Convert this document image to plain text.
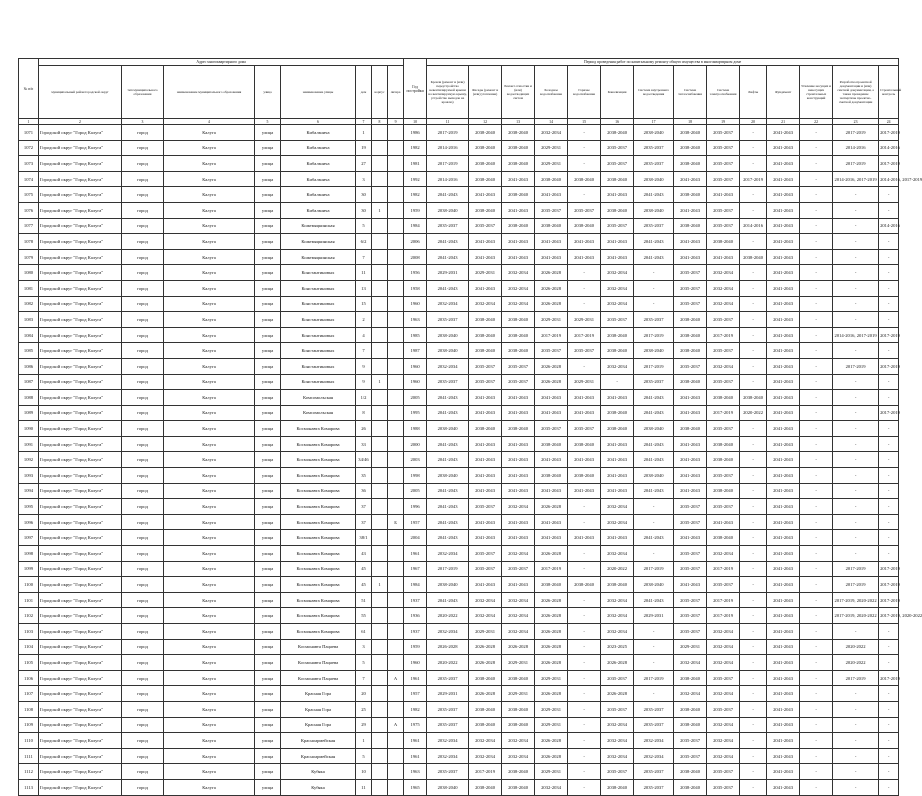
№ п/п	Адрес многоквартирного дома								Год постройки	Период проведения работ по капитальному ремонту общего имущества в многоквартирном доме													
	муниципальный район/городской округ	тип муниципального образования	наименование муниципального образования	улица	наименование улицы	дом	корпус	литера		Кровля (ремонт и (или) переустройство невентилируемой крыши на вентилируемую крышу, устройство выходов на кровлю)	Фасады (ремонт и (или) утепление)	Ремонт отмостки и (или) водоотводящих систем	Холодное водоснабжение	Горячее водоснабжение	Канализация	Система внутреннего водоотведения	Система теплоснабжения	Система электроснабжения	Лифты	Фундамент	Усиление несущих и ненесущих строительных конструкций	Разработка проектной документации и (или) сметной документации, а также проведение экспертизы проектно-сметной документации	Строительный контроль
1	2	3	4	5	6	7	8	9	10	11	12	13	14	15	16	17	18	19	20	21	22	23	24
1071	Городской округ "Город Калуга"	город	Калуга	улица	Кибальчича	1			1986	2017-2019	2038-2040	2038-2040	2032-2034	-	2038-2040	2038-2040	2038-2040	2035-2037	-	2041-2043	-	2017-2019	2017-2019
1072	Городской округ "Город Калуга"	город	Калуга	улица	Кибальчича	19			1982	2014-2016	2038-2040	2038-2040	2029-2031	-	2035-2037	2035-2037	2038-2040	2035-2037	-	2041-2043	-	2014-2016	2014-2016
1073	Городской округ "Город Калуга"	город	Калуга	улица	Кибальчича	27			1981	2017-2019	2038-2040	2038-2040	2029-2031	-	2035-2037	2035-2037	2038-2040	2035-2037	-	2041-2043	-	2017-2019	2017-2019
1074	Городской округ "Город Калуга"	город	Калуга	улица	Кибальчича	3			1992	2014-2016	2038-2040	2041-2043	2038-2040	2038-2040	2038-2040	2038-2040	2041-2043	2035-2037	2017-2019	2041-2043	-	2014-2016, 2017-2019	2014-2016, 2017-2019
1075	Городской округ "Город Калуга"	город	Калуга	улица	Кибальчича	30			1982	2041-2043	2041-2043	2038-2040	2041-2043	-	2041-2043	2041-2043	2038-2040	2041-2043	-	2041-2043	-	-	-
1076	Городской округ "Город Калуга"	город	Калуга	улица	Кибальчича	30	1		1959	2038-2040	2038-2040	2041-2043	2035-2037	2035-2037	2038-2040	2038-2040	2041-2043	2035-2037	-	2041-2043	-	-	-
1077	Городской округ "Город Калуга"	город	Калуга	улица	Кожемяцкинская	5			1984	2035-2037	2035-2037	2038-2040	2038-2040	2038-2040	2035-2037	2035-2037	2038-2040	2035-2037	2014-2016	2041-2043	-	-	2014-2016
1078	Городской округ "Город Калуга"	город	Калуга	улица	Кожемяцкинская	6/2			2006	2041-2043	2041-2043	2041-2043	2041-2043	2041-2043	2041-2043	2041-2043	2041-2043	2038-2040	-	2041-2043	-	-	-
1079	Городской округ "Город Калуга"	город	Калуга	улица	Кожемяцкинская	7			2008	2041-2043	2041-2043	2041-2043	2041-2043	2041-2043	2041-2043	2041-2043	2041-2043	2041-2043	2038-2040	2041-2043	-	-	-
1080	Городской округ "Город Калуга"	город	Калуга	улица	Константиновых	11			1956	2029-2031	2029-2031	2032-2034	2026-2028	-	2032-2034	-	2035-2037	2032-2034	-	2041-2043	-	-	-
1081	Городской округ "Город Калуга"	город	Калуга	улица	Константиновых	13			1958	2041-2043	2041-2043	2032-2034	2026-2028	-	2032-2034	-	2035-2037	2032-2034	-	2041-2043	-	-	-
1082	Городской округ "Город Калуга"	город	Калуга	улица	Константиновых	15			1960	2032-2034	2032-2034	2032-2034	2026-2028	-	2032-2034	-	2035-2037	2032-2034	-	2041-2043	-	-	-
1083	Городской округ "Город Калуга"	город	Калуга	улица	Константиновых	2			1963	2035-2037	2038-2040	2038-2040	2029-2031	2029-2031	2035-2037	2035-2037	2038-2040	2035-2037	-	2041-2043	-	-	-
1084	Городской округ "Город Калуга"	город	Калуга	улица	Константиновых	4			1985	2038-2040	2038-2040	2038-2040	2017-2019	2017-2019	2038-2040	2017-2019	2038-2040	2017-2019	-	2041-2043	-	2014-2016, 2017-2019	2017-2019
1085	Городской округ "Город Калуга"	город	Калуга	улица	Константиновых	7			1987	2038-2040	2038-2040	2038-2040	2035-2037	2035-2037	2038-2040	2038-2040	2038-2040	2035-2037	-	2041-2043	-	-	-
1086	Городской округ "Город Калуга"	город	Калуга	улица	Константиновых	9			1960	2032-2034	2035-2037	2035-2037	2026-2028	-	2032-2034	2017-2019	2035-2037	2032-2034	-	2041-2043	-	2017-2019	2017-2019
1087	Городской округ "Город Калуга"	город	Калуга	улица	Константиновых	9	1		1960	2035-2037	2035-2037	2035-2037	2026-2028	2029-2031	-	2035-2037	2038-2040	2035-2037	-	2041-2043	-	-	-
1088	Городской округ "Город Калуга"	город	Калуга	улица	Комсомольская	1/2			2005	2041-2043	2041-2043	2041-2043	2041-2043	2041-2043	2041-2043	2041-2043	2041-2043	2038-2040	2038-2040	2041-2043	-	-	-
1089	Городской округ "Город Калуга"	город	Калуга	улица	Комсомольская	8			1995	2041-2043	2041-2043	2041-2043	2041-2043	2041-2043	2038-2040	2041-2043	2041-2043	2017-2019	2020-2022	2041-2043	-	-	2017-2019
1090	Городской округ "Город Калуга"	город	Калуга	улица	Космонавта Комарова	26			1988	2038-2040	2038-2040	2038-2040	2035-2037	2035-2037	2038-2040	2038-2040	2038-2040	2035-2037	-	2041-2043	-	-	-
1091	Городской округ "Город Калуга"	город	Калуга	улица	Космонавта Комарова	33			2000	2041-2043	2041-2043	2041-2043	2038-2040	2038-2040	2041-2043	2041-2043	2041-2043	2038-2040	-	2041-2043	-	-	-
1092	Городской округ "Город Калуга"	город	Калуга	улица	Космонавта Комарова	34/46			2003	2041-2043	2041-2043	2041-2043	2041-2043	2041-2043	2041-2043	2041-2043	2041-2043	2038-2040	-	2041-2043	-	-	-
1093	Городской округ "Город Калуга"	город	Калуга	улица	Космонавта Комарова	35			1998	2038-2040	2041-2043	2041-2043	2038-2040	2038-2040	2041-2043	2038-2040	2041-2043	2035-2037	-	2041-2043	-	-	-
1094	Городской округ "Город Калуга"	город	Калуга	улица	Космонавта Комарова	36			2005	2041-2043	2041-2043	2041-2043	2041-2043	2041-2043	2041-2043	2041-2043	2041-2043	2038-2040	-	2041-2043	-	-	-
1095	Городской округ "Город Калуга"	город	Калуга	улица	Космонавта Комарова	37			1996	2041-2043	2035-2037	2032-2034	2026-2028	-	2032-2034	-	2035-2037	2035-2037	-	2041-2043	-	-	-
1096	Городской округ "Город Калуга"	город	Калуга	улица	Космонавта Комарова	37		Б	1957	2041-2043	2041-2043	2041-2043	2041-2043	-	2032-2034	-	2035-2037	2041-2043	-	2041-2043	-	-	-
1097	Городской округ "Город Калуга"	город	Калуга	улица	Космонавта Комарова	38/1			2004	2041-2043	2041-2043	2041-2043	2041-2043	2041-2043	2041-2043	2041-2043	2041-2043	2038-2040	-	2041-2043	-	-	-
1098	Городской округ "Город Калуга"	город	Калуга	улица	Космонавта Комарова	43			1961	2032-2034	2035-2037	2032-2034	2026-2028	-	2032-2034	-	2035-2037	2032-2034	-	2041-2043	-	-	-
1099	Городской округ "Город Калуга"	город	Калуга	улица	Космонавта Комарова	45			1967	2017-2019	2035-2037	2035-2037	2017-2019	-	2020-2022	2017-2019	2035-2037	2017-2019	-	2041-2043	-	2017-2019	2017-2019
1100	Городской округ "Город Калуга"	город	Калуга	улица	Космонавта Комарова	45	1		1984	2038-2040	2041-2043	2041-2043	2038-2040	2038-2040	2038-2040	2038-2040	2041-2043	2035-2037	-	2041-2043	-	2017-2019	2017-2019
1101	Городской округ "Город Калуга"	город	Калуга	улица	Космонавта Комарова	51			1937	2041-2043	2032-2034	2032-2034	2026-2028	-	2032-2034	2041-2043	2035-2037	2017-2019	-	2041-2043	-	2017-2019, 2020-2022	2017-2019
1102	Городской округ "Город Калуга"	город	Калуга	улица	Космонавта Комарова	55			1936	2020-2022	2032-2034	2032-2034	2026-2028	-	2032-2034	2029-2031	2035-2037	2017-2019	-	2041-2043	-	2017-2019, 2020-2022	2017-2019, 2020-2022
1103	Городской округ "Город Калуга"	город	Калуга	улица	Космонавта Комарова	61			1937	2032-2034	2029-2031	2032-2034	2026-2028	-	2032-2034	-	2035-2037	2032-2034	-	2041-2043	-	-	-
1104	Городской округ "Город Калуга"	город	Калуга	улица	Космонавта Пацаева	3			1959	2026-2028	2026-2028	2026-2028	2026-2028	-	2023-2025	-	2029-2031	2032-2034	-	2041-2043	-	2020-2022	-
1105	Городской округ "Город Калуга"	город	Калуга	улица	Космонавта Пацаева	5			1960	2020-2022	2026-2028	2029-2031	2026-2028	-	2026-2028	-	2032-2034	2032-2034	-	2041-2043	-	2020-2022	-
1106	Городской округ "Город Калуга"	город	Калуга	улица	Космонавта Пацаева	7		А	1961	2035-2037	2038-2040	2038-2040	2029-2031	-	2035-2037	2017-2019	2038-2040	2035-2037	-	2041-2043	-	2017-2019	2017-2019
1107	Городской округ "Город Калуга"	город	Калуга	улица	Красная Гора	20			1957	2029-2031	2026-2028	2029-2031	2026-2028	-	2026-2028	-	2032-2034	2032-2034	-	2041-2043	-	-	-
1108	Городской округ "Город Калуга"	город	Калуга	улица	Красная Гора	25			1982	2035-2037	2038-2040	2038-2040	2029-2031	-	2035-2037	2035-2037	2038-2040	2035-2037	-	2041-2043	-	-	-
1109	Городской округ "Город Калуга"	город	Калуга	улица	Красная Гора	29		А	1975	2035-2037	2038-2040	2038-2040	2029-2031	-	2032-2034	2035-2037	2038-2040	2032-2034	-	2041-2043	-	-	-
1110	Городской округ "Город Калуга"	город	Калуга	улица	Красноармейская	1			1961	2032-2034	2032-2034	2032-2034	2026-2028	-	2032-2034	2032-2034	2035-2037	2032-2034	-	2041-2043	-	-	-
1111	Городской округ "Город Калуга"	город	Калуга	улица	Красноармейская	5			1961	2032-2034	2032-2034	2032-2034	2026-2028	-	2032-2034	2032-2034	2035-2037	2032-2034	-	2041-2043	-	-	-
1112	Городской округ "Город Калуга"	город	Калуга	улица	Кубяка	10			1963	2035-2037	2017-2019	2038-2040	2029-2031	-	2035-2037	2035-2037	2038-2040	2035-2037	-	2041-2043	-	-	-
1113	Городской округ "Город Калуга"	город	Калуга	улица	Кубяка	11			1965	2038-2040	2038-2040	2038-2040	2032-2034	-	2038-2040	2035-2037	2038-2040	2035-2037	-	2041-2043	-	-	-
